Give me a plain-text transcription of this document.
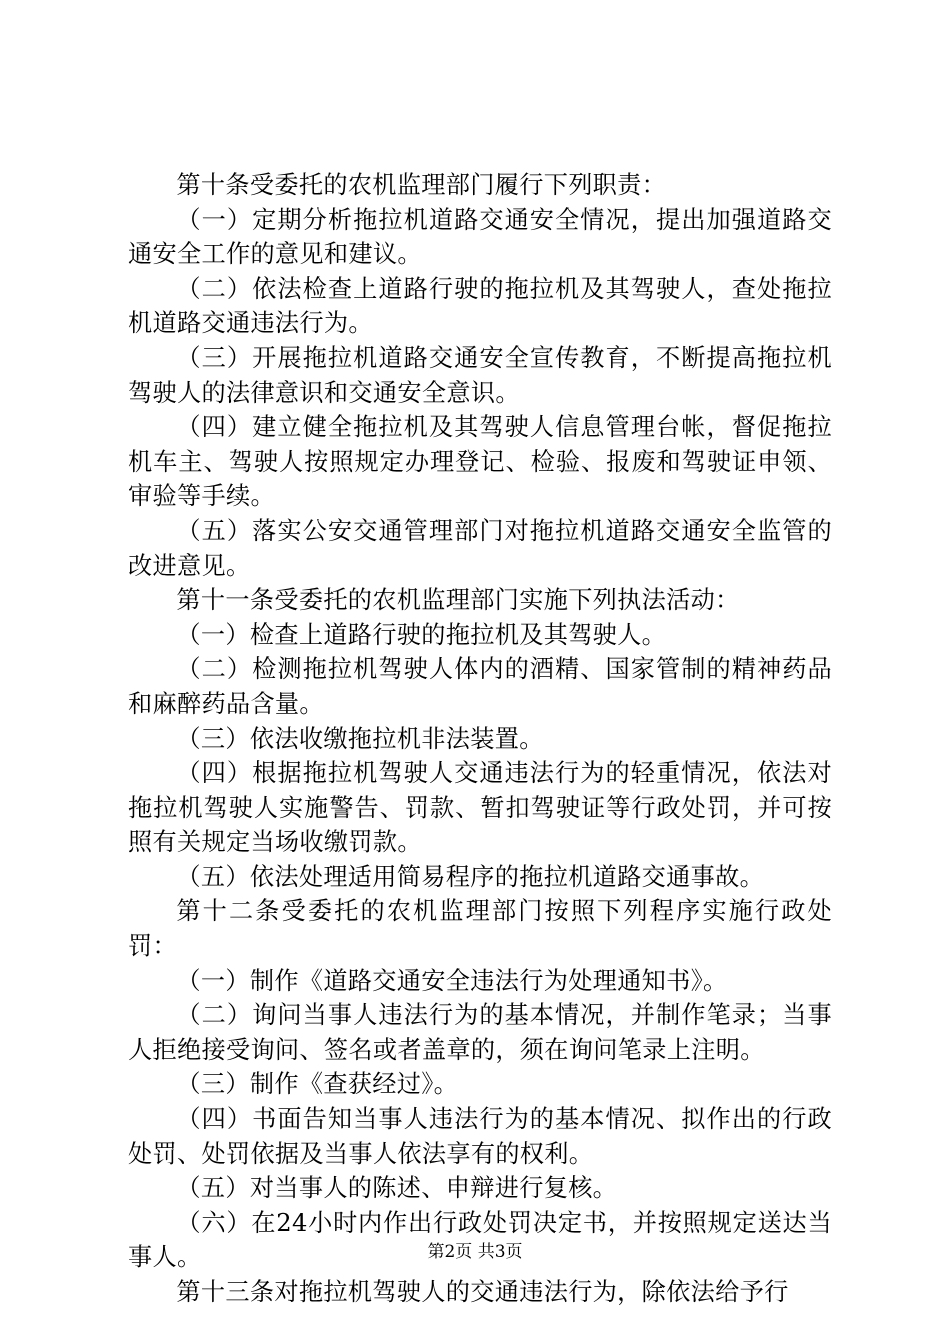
第十条受委托的农机监理部门履行下列职责：

（一）定期分析拖拉机道路交通安全情况，提出加强道路交通安全工作的意见和建议。

（二）依法检查上道路行驶的拖拉机及其驾驶人，查处拖拉机道路交通违法行为。

（三）开展拖拉机道路交通安全宣传教育，不断提高拖拉机驾驶人的法律意识和交通安全意识。

（四）建立健全拖拉机及其驾驶人信息管理台帐，督促拖拉机车主、驾驶人按照规定办理登记、检验、报废和驾驶证申领、审验等手续。

（五）落实公安交通管理部门对拖拉机道路交通安全监管的改进意见。

第十一条受委托的农机监理部门实施下列执法活动：

（一）检查上道路行驶的拖拉机及其驾驶人。

（二）检测拖拉机驾驶人体内的酒精、国家管制的精神药品和麻醉药品含量。

（三）依法收缴拖拉机非法装置。

（四）根据拖拉机驾驶人交通违法行为的轻重情况，依法对拖拉机驾驶人实施警告、罚款、暂扣驾驶证等行政处罚，并可按照有关规定当场收缴罚款。

（五）依法处理适用简易程序的拖拉机道路交通事故。

第十二条受委托的农机监理部门按照下列程序实施行政处罚：

（一）制作《道路交通安全违法行为处理通知书》。

（二）询问当事人违法行为的基本情况，并制作笔录；当事人拒绝接受询问、签名或者盖章的，须在询问笔录上注明。

（三）制作《查获经过》。

（四）书面告知当事人违法行为的基本情况、拟作出的行政处罚、处罚依据及当事人依法享有的权利。

（五）对当事人的陈述、申辩进行复核。

（六）在24小时内作出行政处罚决定书，并按照规定送达当事人。

第十三条对拖拉机驾驶人的交通违法行为，除依法给予行

第2页 共3页
